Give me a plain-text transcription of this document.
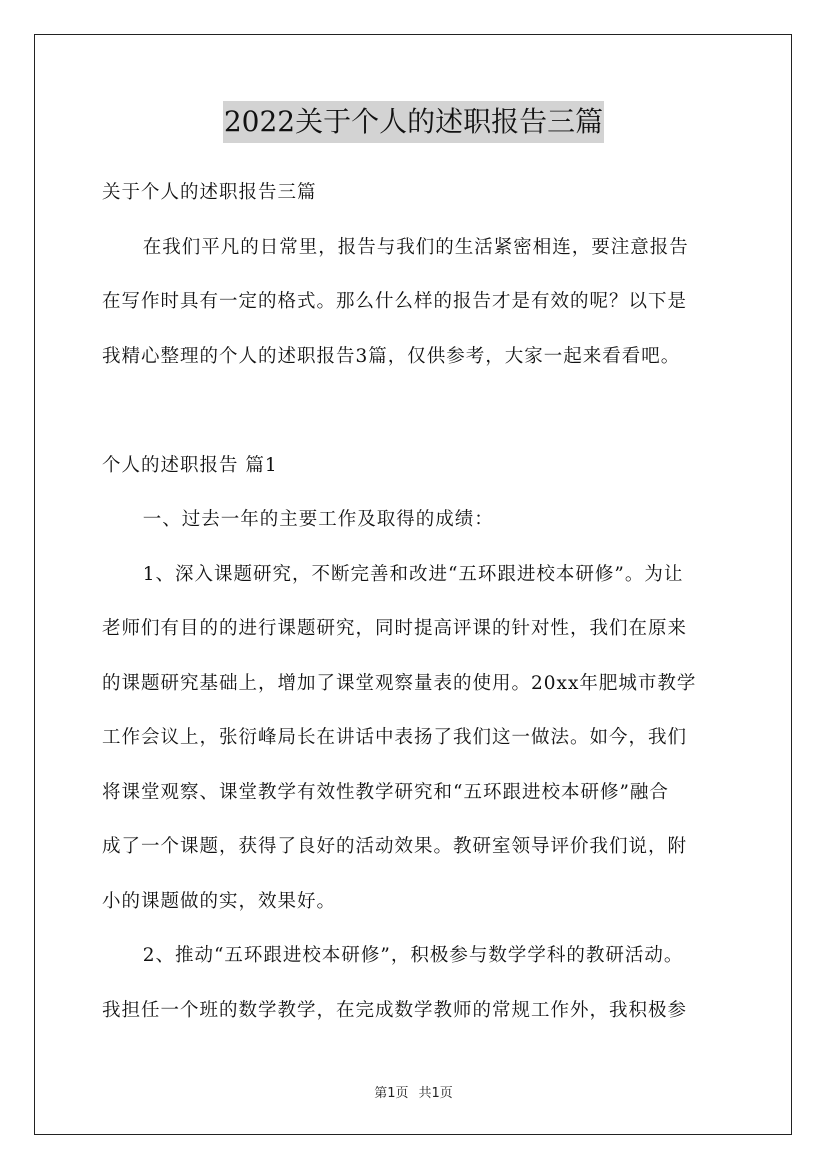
2022关于个人的述职报告三篇

关于个人的述职报告三篇

在我们平凡的日常里，报告与我们的生活紧密相连，要注意报告

在写作时具有一定的格式。那么什么样的报告才是有效的呢？以下是

我精心整理的个人的述职报告3篇，仅供参考，大家一起来看看吧。

个人的述职报告 篇1

一、过去一年的主要工作及取得的成绩：

1、深入课题研究，不断完善和改进“五环跟进校本研修”。为让

老师们有目的的进行课题研究，同时提高评课的针对性，我们在原来

的课题研究基础上，增加了课堂观察量表的使用。20xx年肥城市教学

工作会议上，张衍峰局长在讲话中表扬了我们这一做法。如今，我们

将课堂观察、课堂教学有效性教学研究和“五环跟进校本研修”融合

成了一个课题，获得了良好的活动效果。教研室领导评价我们说，附

小的课题做的实，效果好。

2、推动“五环跟进校本研修”，积极参与数学学科的教研活动。

我担任一个班的数学教学，在完成数学教师的常规工作外，我积极参

第1页 共1页
